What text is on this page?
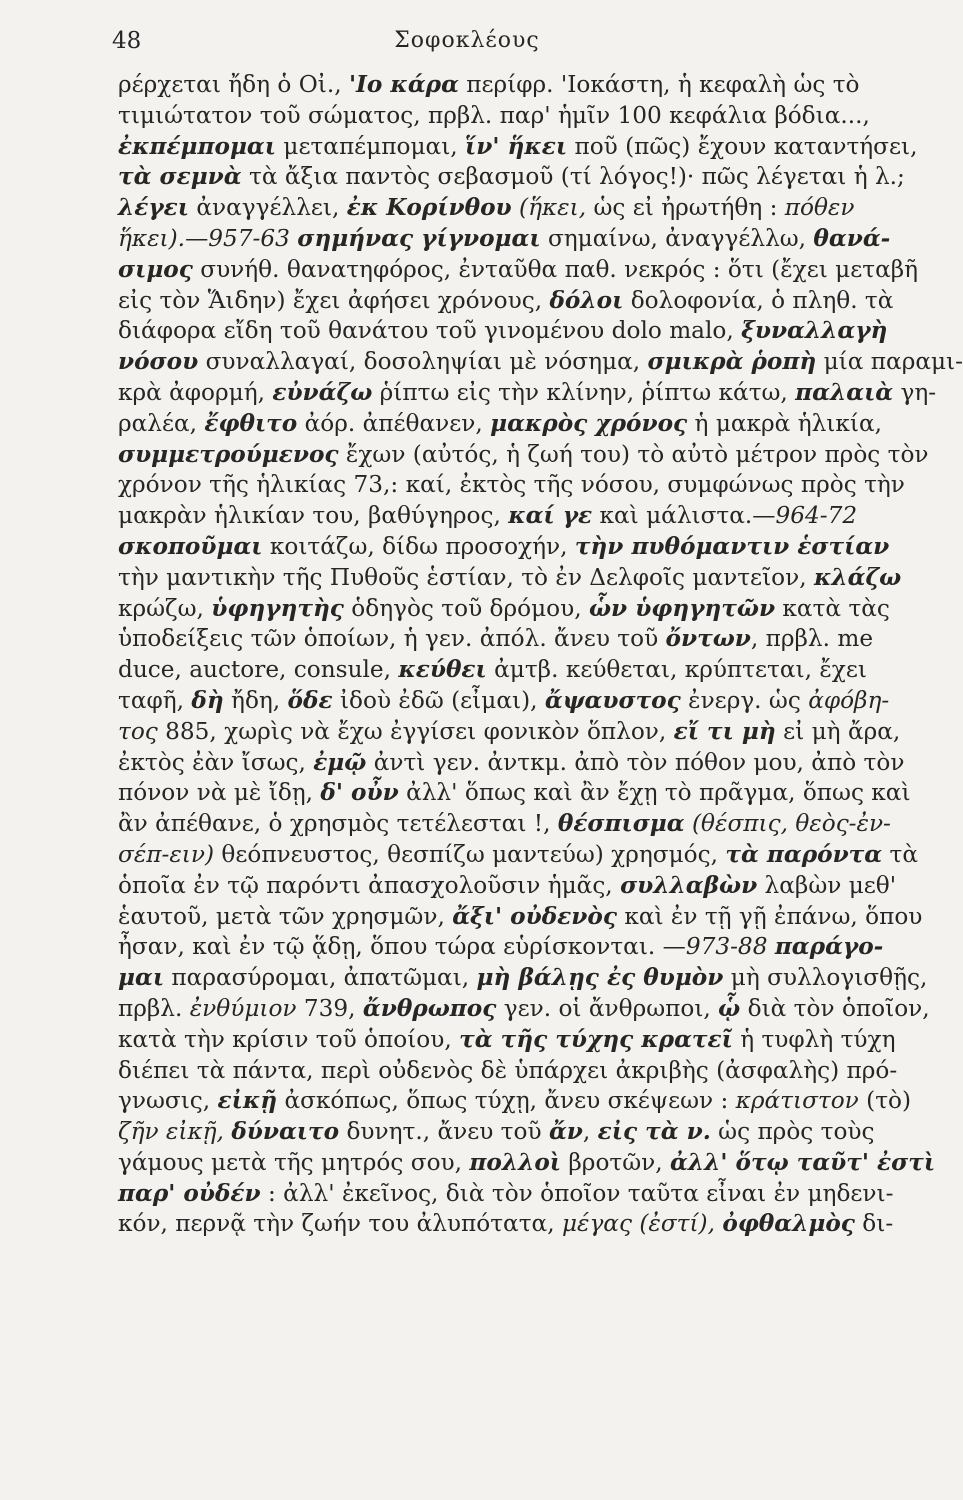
48	Σοφοκλέους
ρέρχεται ἤδη ὁ Οἰ., 'Ιο κάρα περίφρ. 'Ιοκάστη, ἡ κεφαλὴ ὡς τὸ
τιμιώτατον τοῦ σώματος, πρβλ. παρ' ἡμῖν 100 κεφάλια βόδια...,
ἐκπέμπομαι μεταπέμπομαι, ἵν' ἥκει ποῦ (πῶς) ἔχουν καταντήσει,
τὰ σεμνὰ τὰ ἄξια παντὸς σεβασμοῦ (τί λόγος!)· πῶς λέγεται ἡ λ.;
λέγει ἀναγγέλλει, ἐκ Κορίνθου (ἥκει, ὡς εἰ ἠρωτήθη : πόθεν
ἥκει).—957-63 σημήνας γίγνομαι σημαίνω, ἀναγγέλλω, θανά-
σιμος συνήθ. θανατηφόρος, ἐνταῦθα παθ. νεκρός : ὅτι (ἔχει μεταβῆ
εἰς τὸν Ἅιδην) ἔχει ἀφήσει χρόνους, δόλοι δολοφονία, ὁ πληθ. τὰ
διάφορα εἴδη τοῦ θανάτου τοῦ γινομένου dolo malo, ξυναλλαγὴ
νόσου συναλλαγαί, δοσοληψίαι μὲ νόσημα, σμικρὰ ῥοπὴ μία παραμι-
κρὰ ἀφορμή, εὐνάζω ῥίπτω εἰς τὴν κλίνην, ῥίπτω κάτω, παλαιὰ γη-
ραλέα, ἔφθιτο ἀόρ. ἀπέθανεν, μακρὸς χρόνος ἡ μακρὰ ἡλικία,
συμμετρούμενος ἔχων (αὐτός, ἡ ζωή του) τὸ αὐτὸ μέτρον πρὸς τὸν
χρόνον τῆς ἡλικίας 73,: καί, ἐκτὸς τῆς νόσου, συμφώνως πρὸς τὴν
μακρὰν ἡλικίαν του, βαθύγηρος, καί γε καὶ μάλιστα.—964-72
σκοποῦμαι κοιτάζω, δίδω προσοχήν, τὴν πυθόμαντιν ἑστίαν
τὴν μαντικὴν τῆς Πυθοῦς ἑστίαν, τὸ ἐν Δελφοῖς μαντεῖον, κλάζω
κρώζω, ὑφηγητὴς ὁδηγὸς τοῦ δρόμου, ὧν ὑφηγητῶν κατὰ τὰς
ὑποδείξεις τῶν ὁποίων, ἡ γεν. ἀπόλ. ἄνευ τοῦ ὄντων, πρβλ. me
duce, auctore, consule, κεύθει ἀμτβ. κεύθεται, κρύπτεται, ἔχει
ταφῆ, δὴ ἤδη, ὅδε ἰδοὺ ἐδῶ (εἶμαι), ἄψαυστος ἐνεργ. ὡς ἀφόβη-
τος 885, χωρὶς νὰ ἔχω ἐγγίσει φονικὸν ὅπλον, εἴ τι μὴ εἰ μὴ ἄρα,
ἐκτὸς ἐὰν ἴσως, ἐμῷ ἀντὶ γεν. ἀντκμ. ἀπὸ τὸν πόθον μου, ἀπὸ τὸν
πόνον νὰ μὲ ἴδῃ, δ' οὖν ἀλλ' ὅπως καὶ ἂν ἔχῃ τὸ πρᾶγμα, ὅπως καὶ
ἂν ἀπέθανε, ὁ χρησμὸς τετέλεσται !, θέσπισμα (θέσπις, θεὸς-ἐν-
σέπ-ειν) θεόπνευστος, θεσπίζω μαντεύω) χρησμός, τὰ παρόντα τὰ
ὁποῖα ἐν τῷ παρόντι ἀπασχολοῦσιν ἡμᾶς, συλλαβὼν λαβὼν μεθ'
ἑαυτοῦ, μετὰ τῶν χρησμῶν, ἄξι' οὐδενὸς καὶ ἐν τῇ γῇ ἐπάνω, ὅπου
ἦσαν, καὶ ἐν τῷ ᾅδῃ, ὅπου τώρα εὑρίσκονται. —973-88 παράγο-
μαι παρασύρομαι, ἀπατῶμαι, μὴ βάλῃς ἐς θυμὸν μὴ συλλογισθῇς,
πρβλ. ἐνθύμιον 739, ἄνθρωπος γεν. οἱ ἄνθρωποι, ᾧ διὰ τὸν ὁποῖον,
κατὰ τὴν κρίσιν τοῦ ὁποίου, τὰ τῆς τύχης κρατεῖ ἡ τυφλὴ τύχη
διέπει τὰ πάντα, περὶ οὐδενὸς δὲ ὑπάρχει ἀκριβὴς (ἀσφαλὴς) πρό-
γνωσις, εἰκῇ ἀσκόπως, ὅπως τύχῃ, ἄνευ σκέψεων : κράτιστον (τὸ)
ζῆν εἰκῇ, δύναιτο δυνητ., ἄνευ τοῦ ἄν, εἰς τὰ ν. ὡς πρὸς τοὺς
γάμους μετὰ τῆς μητρός σου, πολλοὶ βροτῶν, ἀλλ' ὅτῳ ταῦτ' ἐστὶ
παρ' οὐδέν : ἀλλ' ἐκεῖνος, διὰ τὸν ὁποῖον ταῦτα εἶναι ἐν μηδενι-
κόν, περνᾷ τὴν ζωήν του ἀλυπότατα, μέγας (ἐστί), ὀφθαλμὸς δι-
